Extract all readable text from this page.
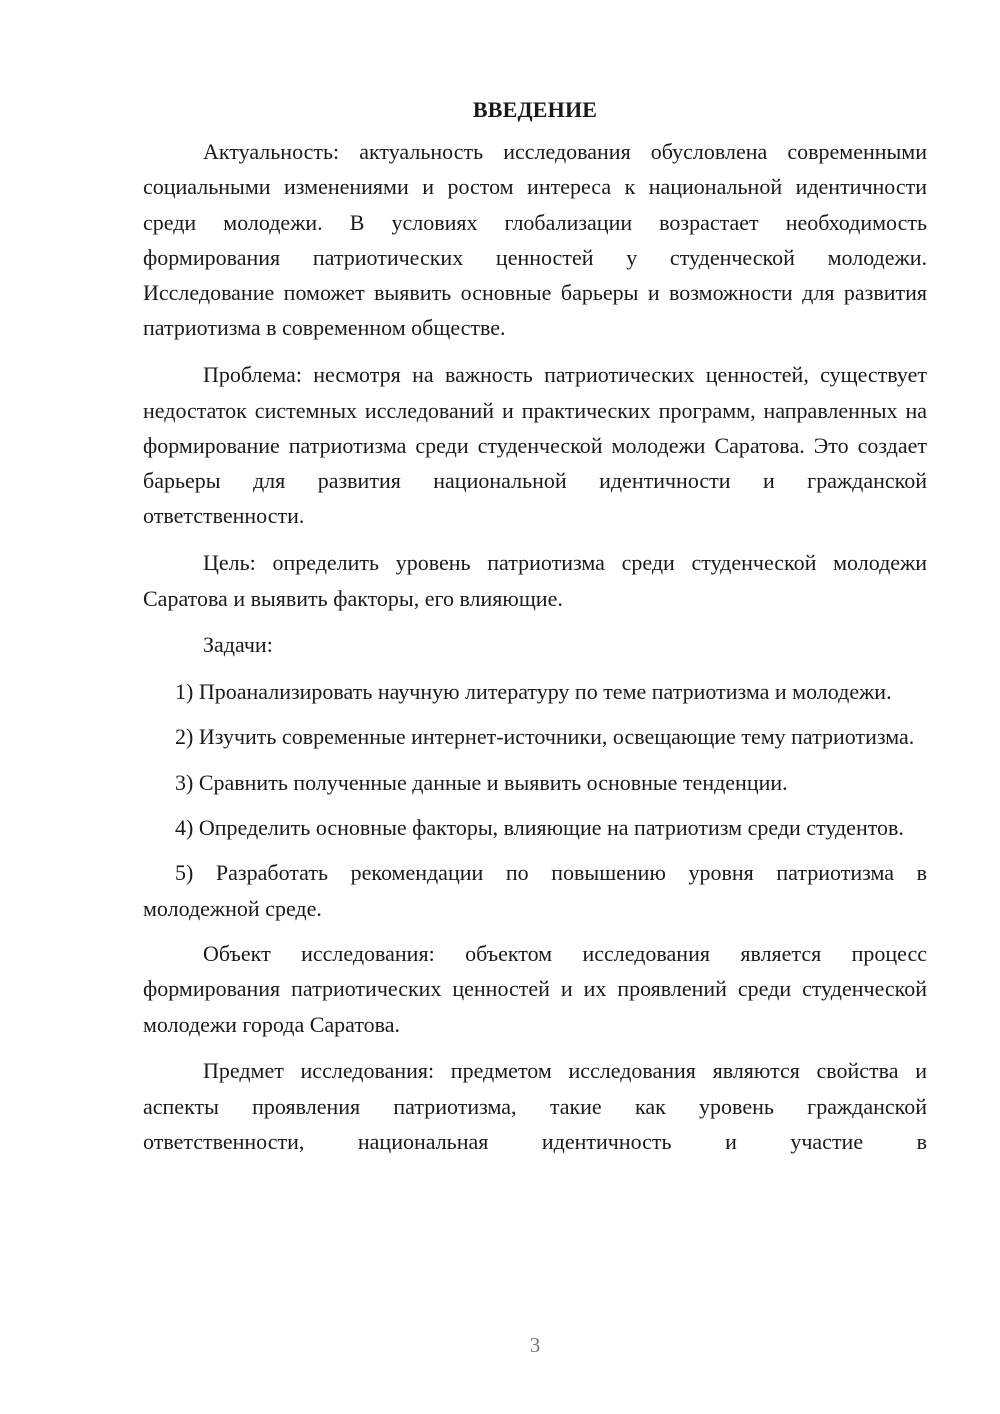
ВВЕДЕНИЕ

Актуальность: актуальность исследования обусловлена современными социальными изменениями и ростом интереса к национальной идентичности среди молодежи. В условиях глобализации возрастает необходимость формирования патриотических ценностей у студенческой молодежи. Исследование поможет выявить основные барьеры и возможности для развития патриотизма в современном обществе.

Проблема: несмотря на важность патриотических ценностей, существует недостаток системных исследований и практических программ, направленных на формирование патриотизма среди студенческой молодежи Саратова. Это создает барьеры для развития национальной идентичности и гражданской ответственности.

Цель: определить уровень патриотизма среди студенческой молодежи Саратова и выявить факторы, его влияющие.

Задачи:

1) Проанализировать научную литературу по теме патриотизма и молодежи.

2) Изучить современные интернет-источники, освещающие тему патриотизма.

3) Сравнить полученные данные и выявить основные тенденции.

4) Определить основные факторы, влияющие на патриотизм среди студентов.

5) Разработать рекомендации по повышению уровня патриотизма в молодежной среде.

Объект исследования: объектом исследования является процесс формирования патриотических ценностей и их проявлений среди студенческой молодежи города Саратова.

Предмет исследования: предметом исследования являются свойства и аспекты проявления патриотизма, такие как уровень гражданской ответственности, национальная идентичность и участие в

3
